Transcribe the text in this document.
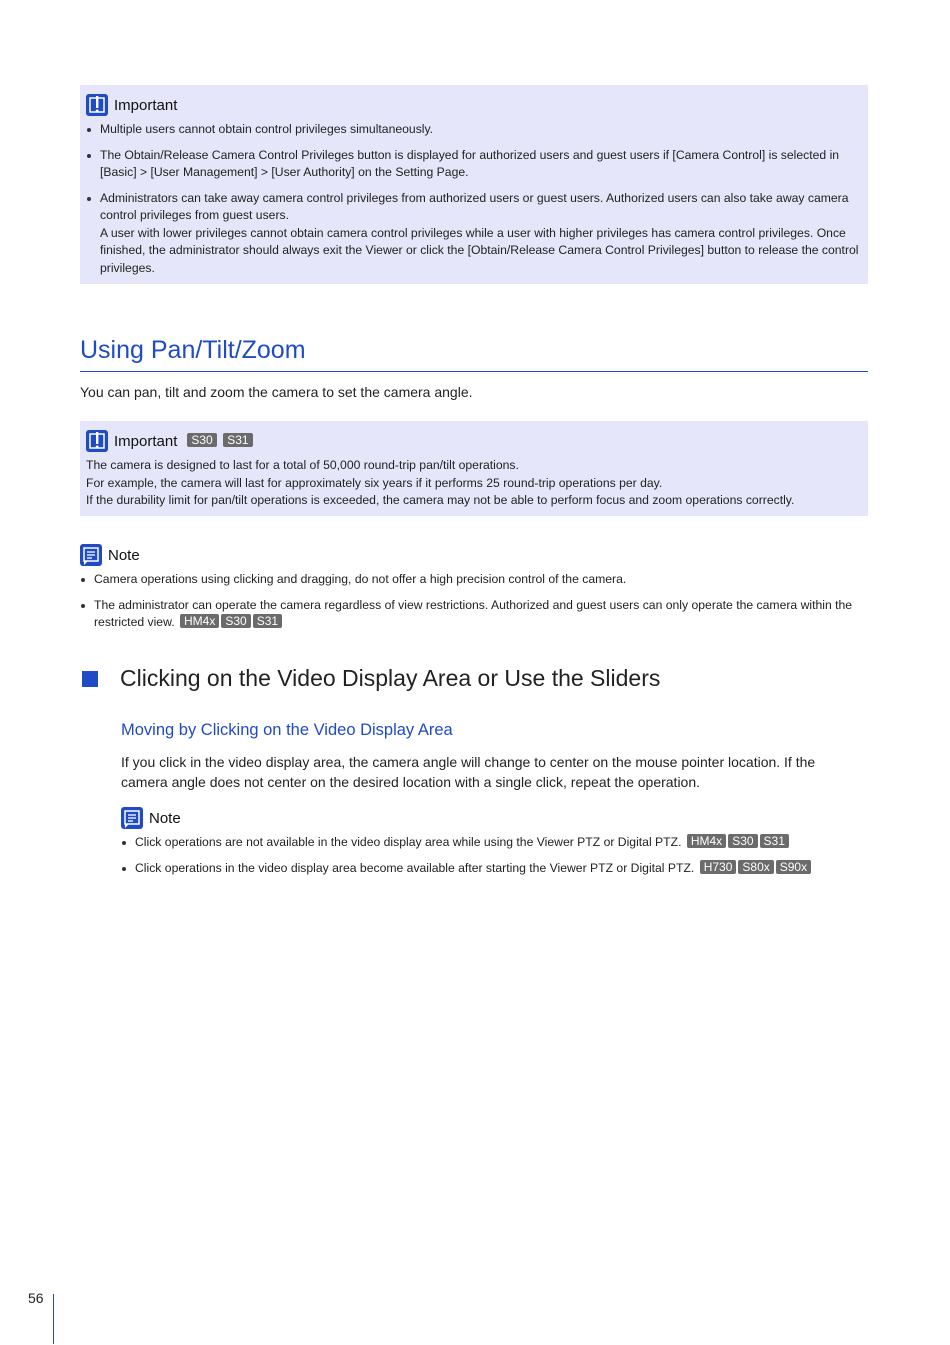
Important
Multiple users cannot obtain control privileges simultaneously.
The Obtain/Release Camera Control Privileges button is displayed for authorized users and guest users if [Camera Control] is selected in [Basic] > [User Management] > [User Authority] on the Setting Page.
Administrators can take away camera control privileges from authorized users or guest users. Authorized users can also take away camera control privileges from guest users.
A user with lower privileges cannot obtain camera control privileges while a user with higher privileges has camera control privileges. Once finished, the administrator should always exit the Viewer or click the [Obtain/Release Camera Control Privileges] button to release the control privileges.
Using Pan/Tilt/Zoom
You can pan, tilt and zoom the camera to set the camera angle.
Important	S30 S31
The camera is designed to last for a total of 50,000 round-trip pan/tilt operations.
For example, the camera will last for approximately six years if it performs 25 round-trip operations per day.
If the durability limit for pan/tilt operations is exceeded, the camera may not be able to perform focus and zoom operations correctly.
Note
Camera operations using clicking and dragging, do not offer a high precision control of the camera.
The administrator can operate the camera regardless of view restrictions. Authorized and guest users can only operate the camera within the restricted view. HM4x S30 S31
Clicking on the Video Display Area or Use the Sliders
Moving by Clicking on the Video Display Area
If you click in the video display area, the camera angle will change to center on the mouse pointer location. If the camera angle does not center on the desired location with a single click, repeat the operation.
Note
Click operations are not available in the video display area while using the Viewer PTZ or Digital PTZ. HM4x S30 S31
Click operations in the video display area become available after starting the Viewer PTZ or Digital PTZ. H730 S80x S90x
56
